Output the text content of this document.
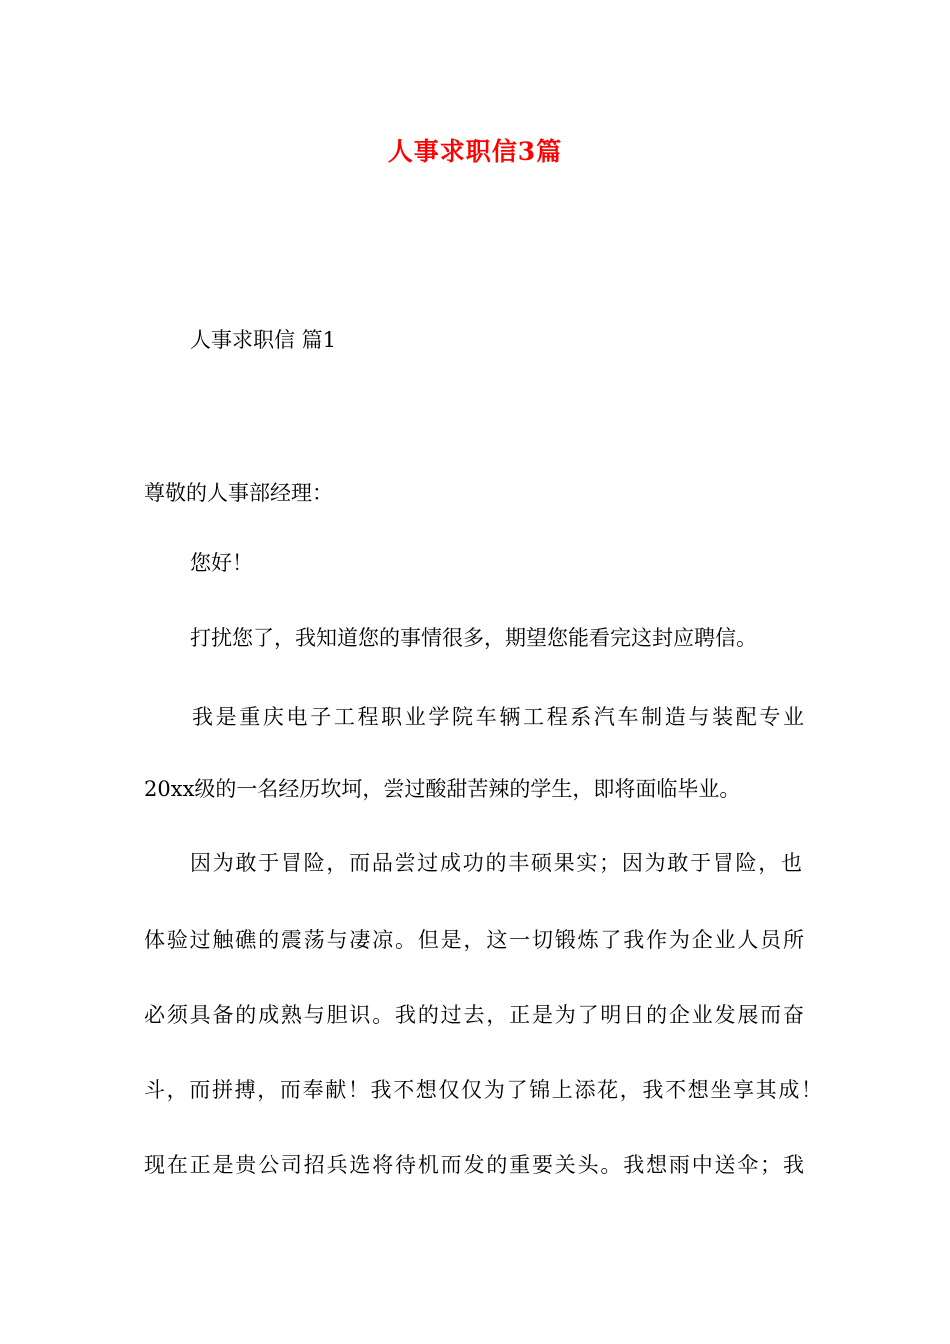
人事求职信3篇
人事求职信 篇1
尊敬的人事部经理：
您好！
打扰您了，我知道您的事情很多，期望您能看完这封应聘信。
我是重庆电子工程职业学院车辆工程系汽车制造与装配专业
20xx级的一名经历坎坷，尝过酸甜苦辣的学生，即将面临毕业。
因为敢于冒险，而品尝过成功的丰硕果实；因为敢于冒险，也
体验过触礁的震荡与凄凉。但是，这一切锻炼了我作为企业人员所
必须具备的成熟与胆识。我的过去，正是为了明日的企业发展而奋
斗，而拼搏，而奉献！我不想仅仅为了锦上添花，我不想坐享其成！
现在正是贵公司招兵选将待机而发的重要关头。我想雨中送伞；我
